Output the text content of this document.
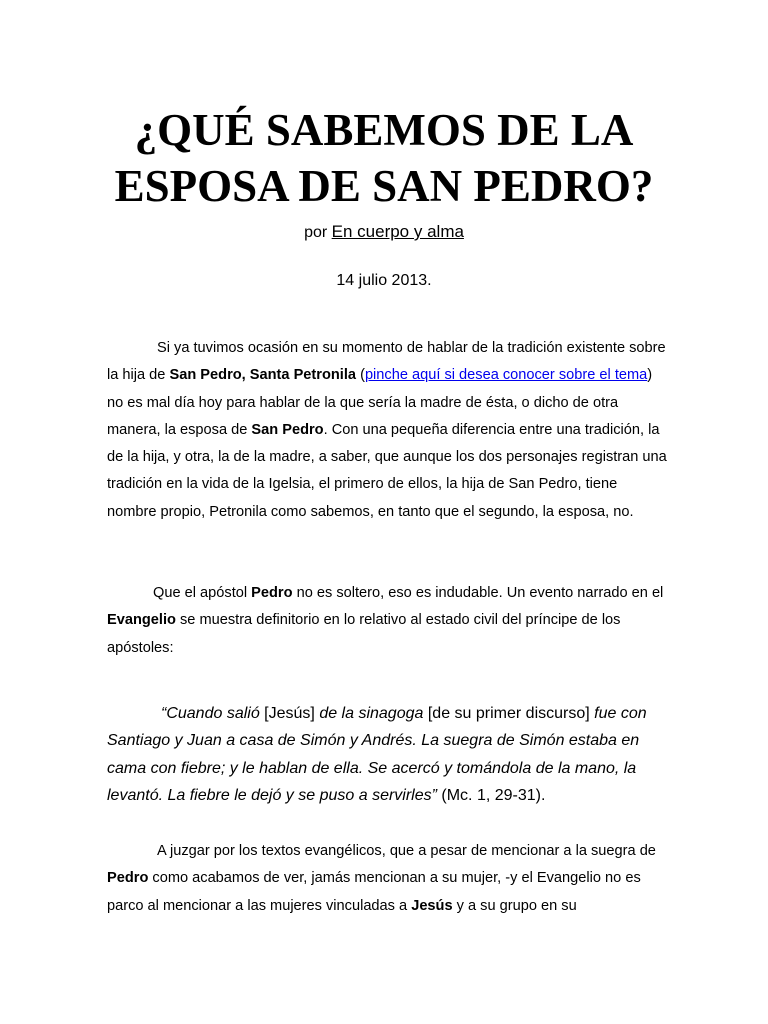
¿QUÉ SABEMOS DE LA
ESPOSA DE SAN PEDRO?
por En cuerpo y alma
14 julio 2013.

Si ya tuvimos ocasión en su momento de hablar de la tradición existente sobre la hija de San Pedro, Santa Petronila (pinche aquí si desea conocer sobre el tema) no es mal día hoy para hablar de la que sería la madre de ésta, o dicho de otra manera, la esposa de San Pedro. Con una pequeña diferencia entre una tradición, la de la hija, y otra, la de la madre, a saber, que aunque los dos personajes registran una tradición en la vida de la Igelsia, el primero de ellos, la hija de San Pedro, tiene nombre propio, Petronila como sabemos, en tanto que el segundo, la esposa, no.

Que el apóstol Pedro no es soltero, eso es indudable. Un evento narrado en el Evangelio se muestra definitorio en lo relativo al estado civil del príncipe de los apóstoles:

“Cuando salió [Jesús] de la sinagoga [de su primer discurso] fue con Santiago y Juan a casa de Simón y Andrés. La suegra de Simón estaba en cama con fiebre; y le hablan de ella. Se acercó y tomándola de la mano, la levantó. La fiebre le dejó y se puso a servirles” (Mc. 1, 29-31).

A juzgar por los textos evangélicos, que a pesar de mencionar a la suegra de Pedro como acabamos de ver, jamás mencionan a su mujer, -y el Evangelio no es parco al mencionar a las mujeres vinculadas a Jesús y a su grupo en su
